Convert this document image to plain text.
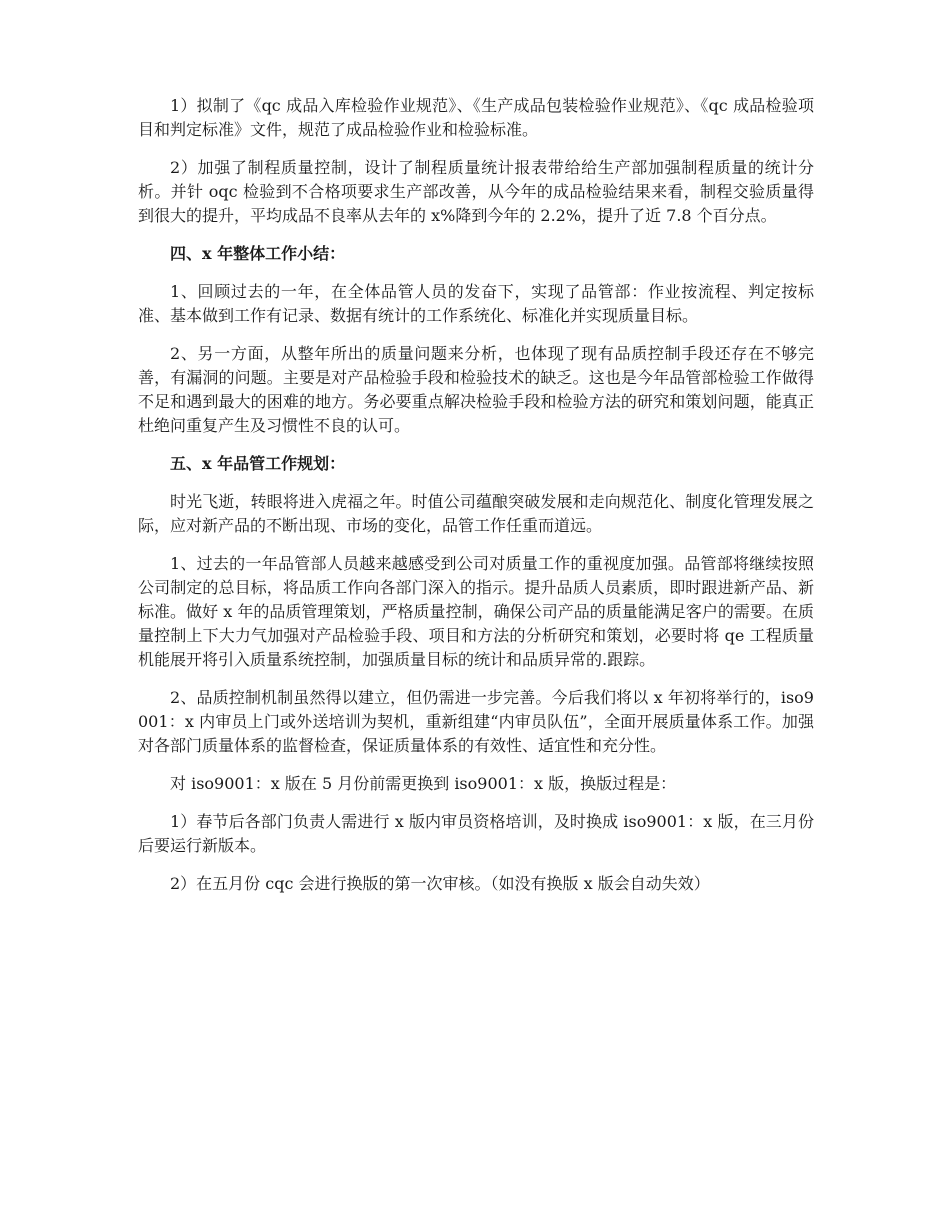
1）拟制了《qc 成品入库检验作业规范》、《生产成品包装检验作业规范》、《qc 成品检验项目和判定标准》文件，规范了成品检验作业和检验标准。

2）加强了制程质量控制，设计了制程质量统计报表带给给生产部加强制程质量的统计分析。并针 oqc 检验到不合格项要求生产部改善，从今年的成品检验结果来看，制程交验质量得到很大的提升，平均成品不良率从去年的 x%降到今年的 2.2%，提升了近 7.8 个百分点。

四、x 年整体工作小结：

1、回顾过去的一年，在全体品管人员的发奋下，实现了品管部：作业按流程、判定按标准、基本做到工作有记录、数据有统计的工作系统化、标准化并实现质量目标。

2、另一方面，从整年所出的质量问题来分析，也体现了现有品质控制手段还存在不够完善，有漏洞的问题。主要是对产品检验手段和检验技术的缺乏。这也是今年品管部检验工作做得不足和遇到最大的困难的地方。务必要重点解决检验手段和检验方法的研究和策划问题，能真正杜绝问重复产生及习惯性不良的认可。

五、x 年品管工作规划：

时光飞逝，转眼将进入虎福之年。时值公司蕴酿突破发展和走向规范化、制度化管理发展之际，应对新产品的不断出现、市场的变化，品管工作任重而道远。

1、过去的一年品管部人员越来越感受到公司对质量工作的重视度加强。品管部将继续按照公司制定的总目标，将品质工作向各部门深入的指示。提升品质人员素质，即时跟进新产品、新标准。做好 x 年的品质管理策划，严格质量控制，确保公司产品的质量能满足客户的需要。在质量控制上下大力气加强对产品检验手段、项目和方法的分析研究和策划，必要时将 qe 工程质量机能展开将引入质量系统控制，加强质量目标的统计和品质异常的.跟踪。

2、品质控制机制虽然得以建立，但仍需进一步完善。今后我们将以 x 年初将举行的，iso9001：x 内审员上门或外送培训为契机，重新组建“内审员队伍”，全面开展质量体系工作。加强对各部门质量体系的监督检查，保证质量体系的有效性、适宜性和充分性。

对 iso9001：x 版在 5 月份前需更换到 iso9001：x 版，换版过程是：

1）春节后各部门负责人需进行 x 版内审员资格培训，及时换成 iso9001：x 版，在三月份后要运行新版本。

2）在五月份 cqc 会进行换版的第一次审核。（如没有换版 x 版会自动失效）
